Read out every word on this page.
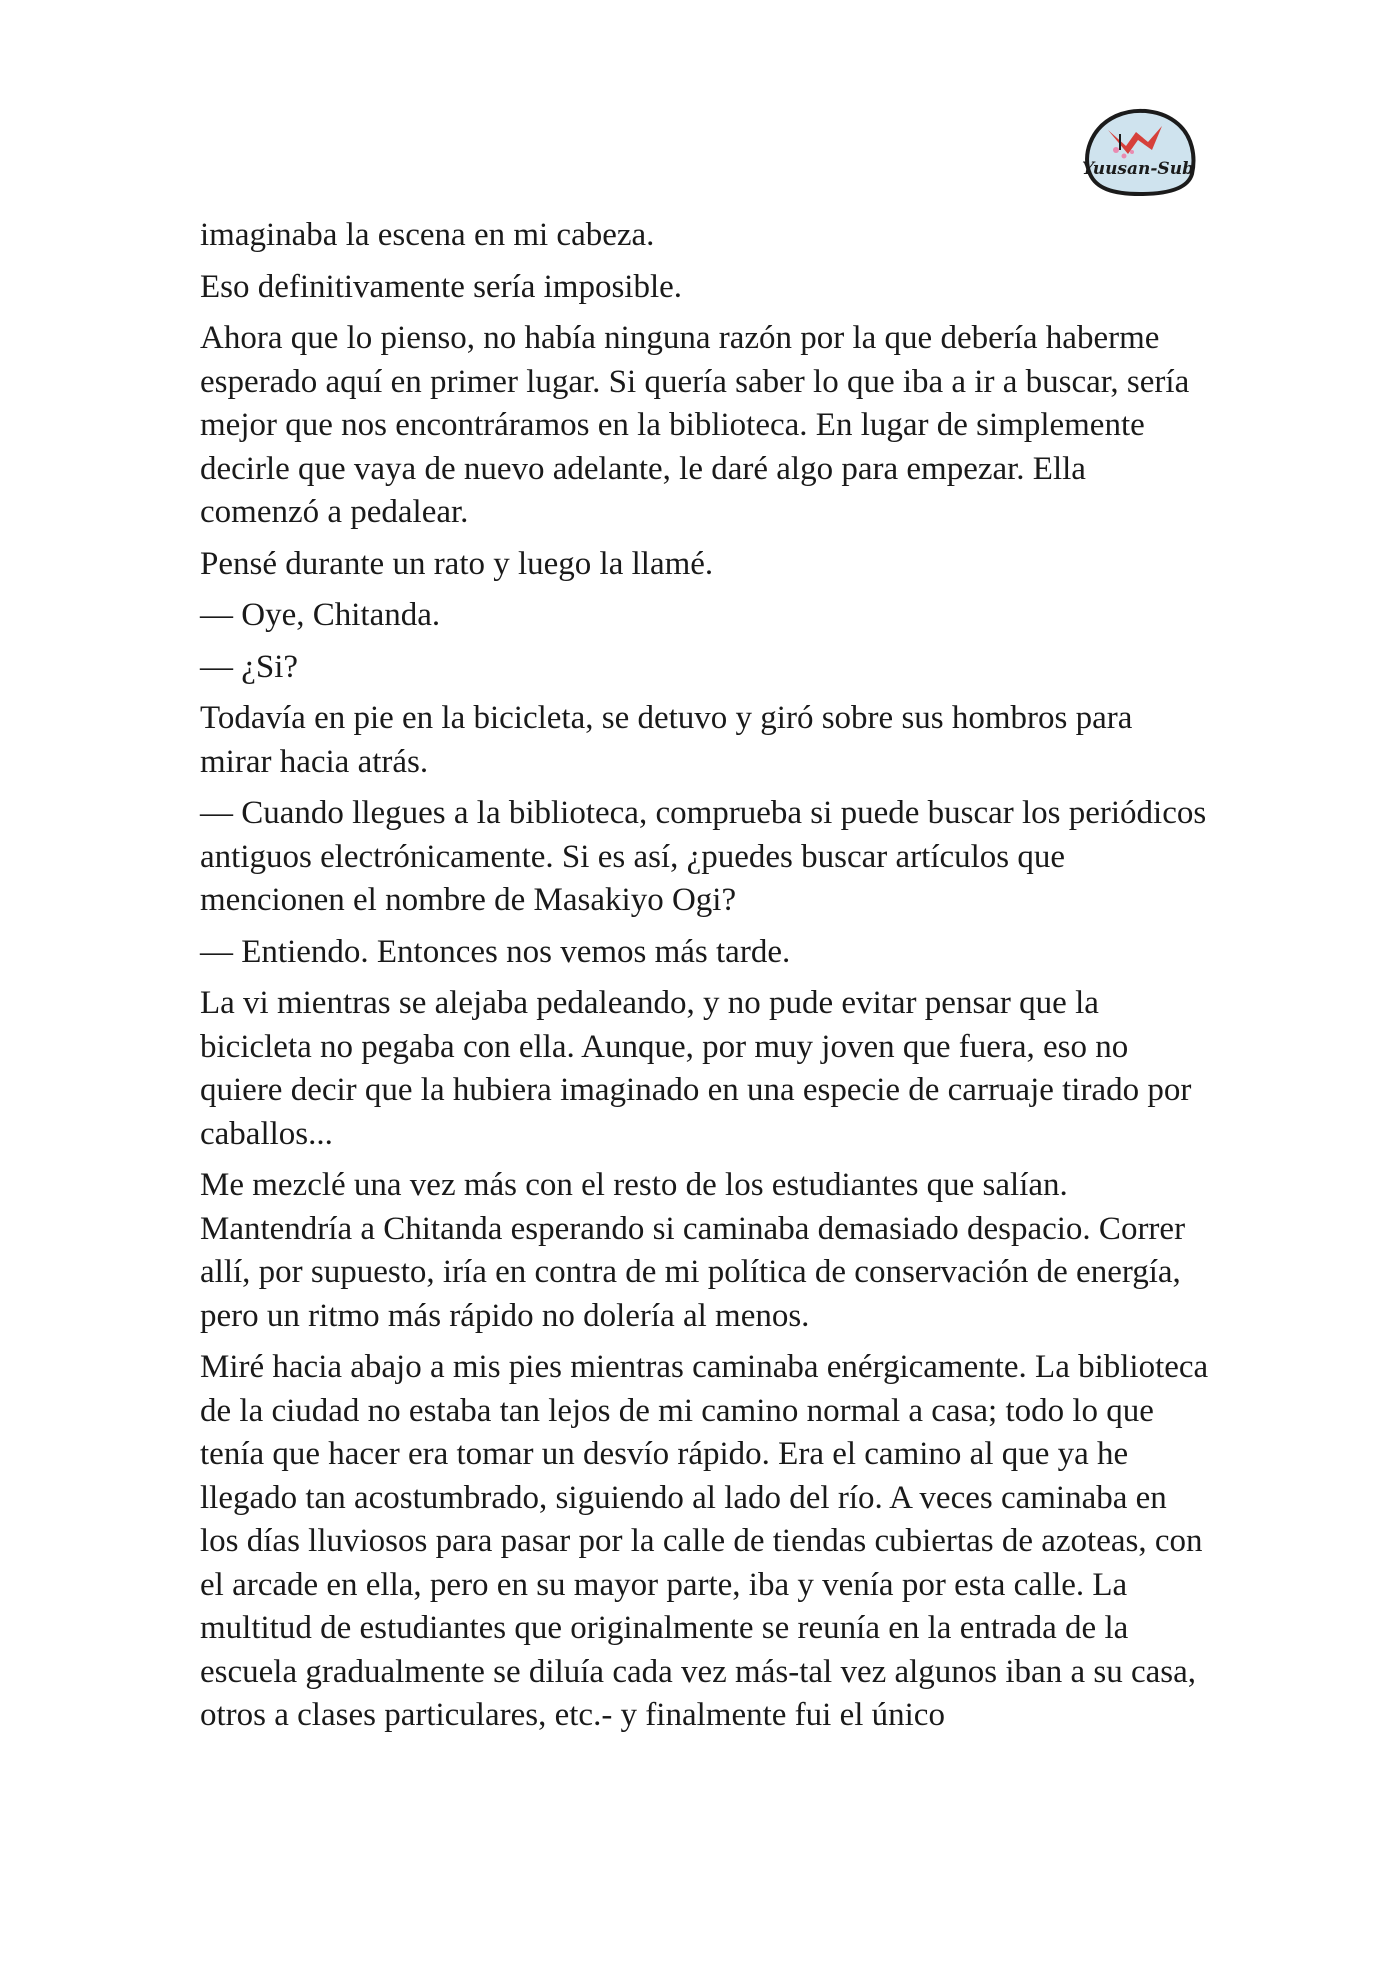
Yuusan-Sub

imaginaba la escena en mi cabeza.

Eso definitivamente sería imposible.

Ahora que lo pienso, no había ninguna razón por la que debería haberme esperado aquí en primer lugar. Si quería saber lo que iba a ir a buscar, sería mejor que nos encontráramos en la biblioteca. En lugar de simplemente decirle que vaya de nuevo adelante, le daré algo para empezar. Ella comenzó a pedalear.

Pensé durante un rato y luego la llamé.

— Oye, Chitanda.

— ¿Si?

Todavía en pie en la bicicleta, se detuvo y giró sobre sus hombros para mirar hacia atrás.

— Cuando llegues a la biblioteca, comprueba si puede buscar los periódicos antiguos electrónicamente. Si es así, ¿puedes buscar artículos que mencionen el nombre de Masakiyo Ogi?

— Entiendo. Entonces nos vemos más tarde.

La vi mientras se alejaba pedaleando, y no pude evitar pensar que la bicicleta no pegaba con ella. Aunque, por muy joven que fuera, eso no quiere decir que la hubiera imaginado en una especie de carruaje tirado por caballos...

Me mezclé una vez más con el resto de los estudiantes que salían. Mantendría a Chitanda esperando si caminaba demasiado despacio. Correr allí, por supuesto, iría en contra de mi política de conservación de energía, pero un ritmo más rápido no dolería al menos.

Miré hacia abajo a mis pies mientras caminaba enérgicamente. La biblioteca de la ciudad no estaba tan lejos de mi camino normal a casa; todo lo que tenía que hacer era tomar un desvío rápido. Era el camino al que ya he llegado tan acostumbrado, siguiendo al lado del río. A veces caminaba en los días lluviosos para pasar por la calle de tiendas cubiertas de azoteas, con el arcade en ella, pero en su mayor parte, iba y venía por esta calle. La multitud de estudiantes que originalmente se reunía en la entrada de la escuela gradualmente se diluía cada vez más-tal vez algunos iban a su casa, otros a clases particulares, etc.- y finalmente fui el único
